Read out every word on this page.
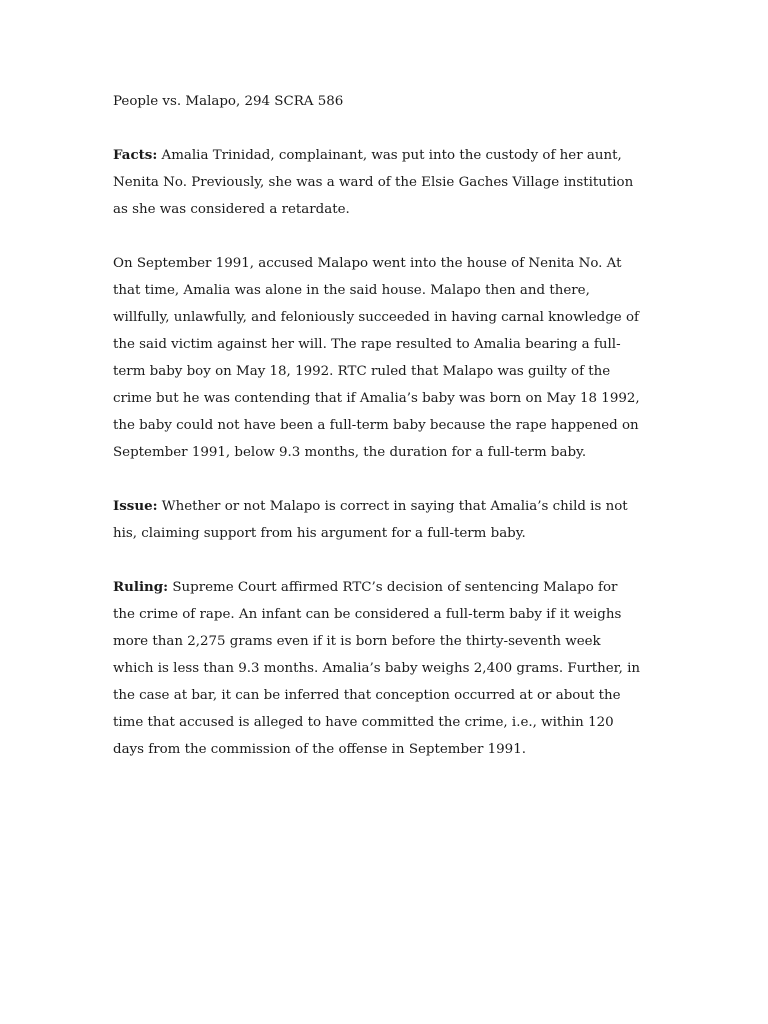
People vs. Malapo, 294 SCRA 586
Facts: Amalia Trinidad, complainant, was put into the custody of her aunt, Nenita No. Previously, she was a ward of the Elsie Gaches Village institution as she was considered a retardate.
On September 1991, accused Malapo went into the house of Nenita No. At that time, Amalia was alone in the said house. Malapo then and there, willfully, unlawfully, and feloniously succeeded in having carnal knowledge of the said victim against her will. The rape resulted to Amalia bearing a full-term baby boy on May 18, 1992. RTC ruled that Malapo was guilty of the crime but he was contending that if Amalia’s baby was born on May 18 1992, the baby could not have been a full-term baby because the rape happened on September 1991, below 9.3 months, the duration for a full-term baby.
Issue: Whether or not Malapo is correct in saying that Amalia’s child is not his, claiming support from his argument for a full-term baby.
Ruling: Supreme Court affirmed RTC’s decision of sentencing Malapo for the crime of rape. An infant can be considered a full-term baby if it weighs more than 2,275 grams even if it is born before the thirty-seventh week which is less than 9.3 months. Amalia’s baby weighs 2,400 grams. Further, in the case at bar, it can be inferred that conception occurred at or about the time that accused is alleged to have committed the crime, i.e., within 120 days from the commission of the offense in September 1991.
